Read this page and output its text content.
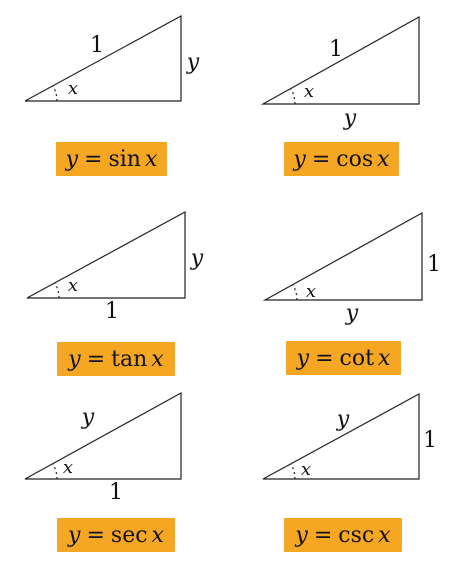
1
y
x
y = sin x
1
y
x
y = cos x
y
1
x
y = tan x
1
y
x
y = cot x
y
1
x
y = sec x
y
1
x
y = csc x
